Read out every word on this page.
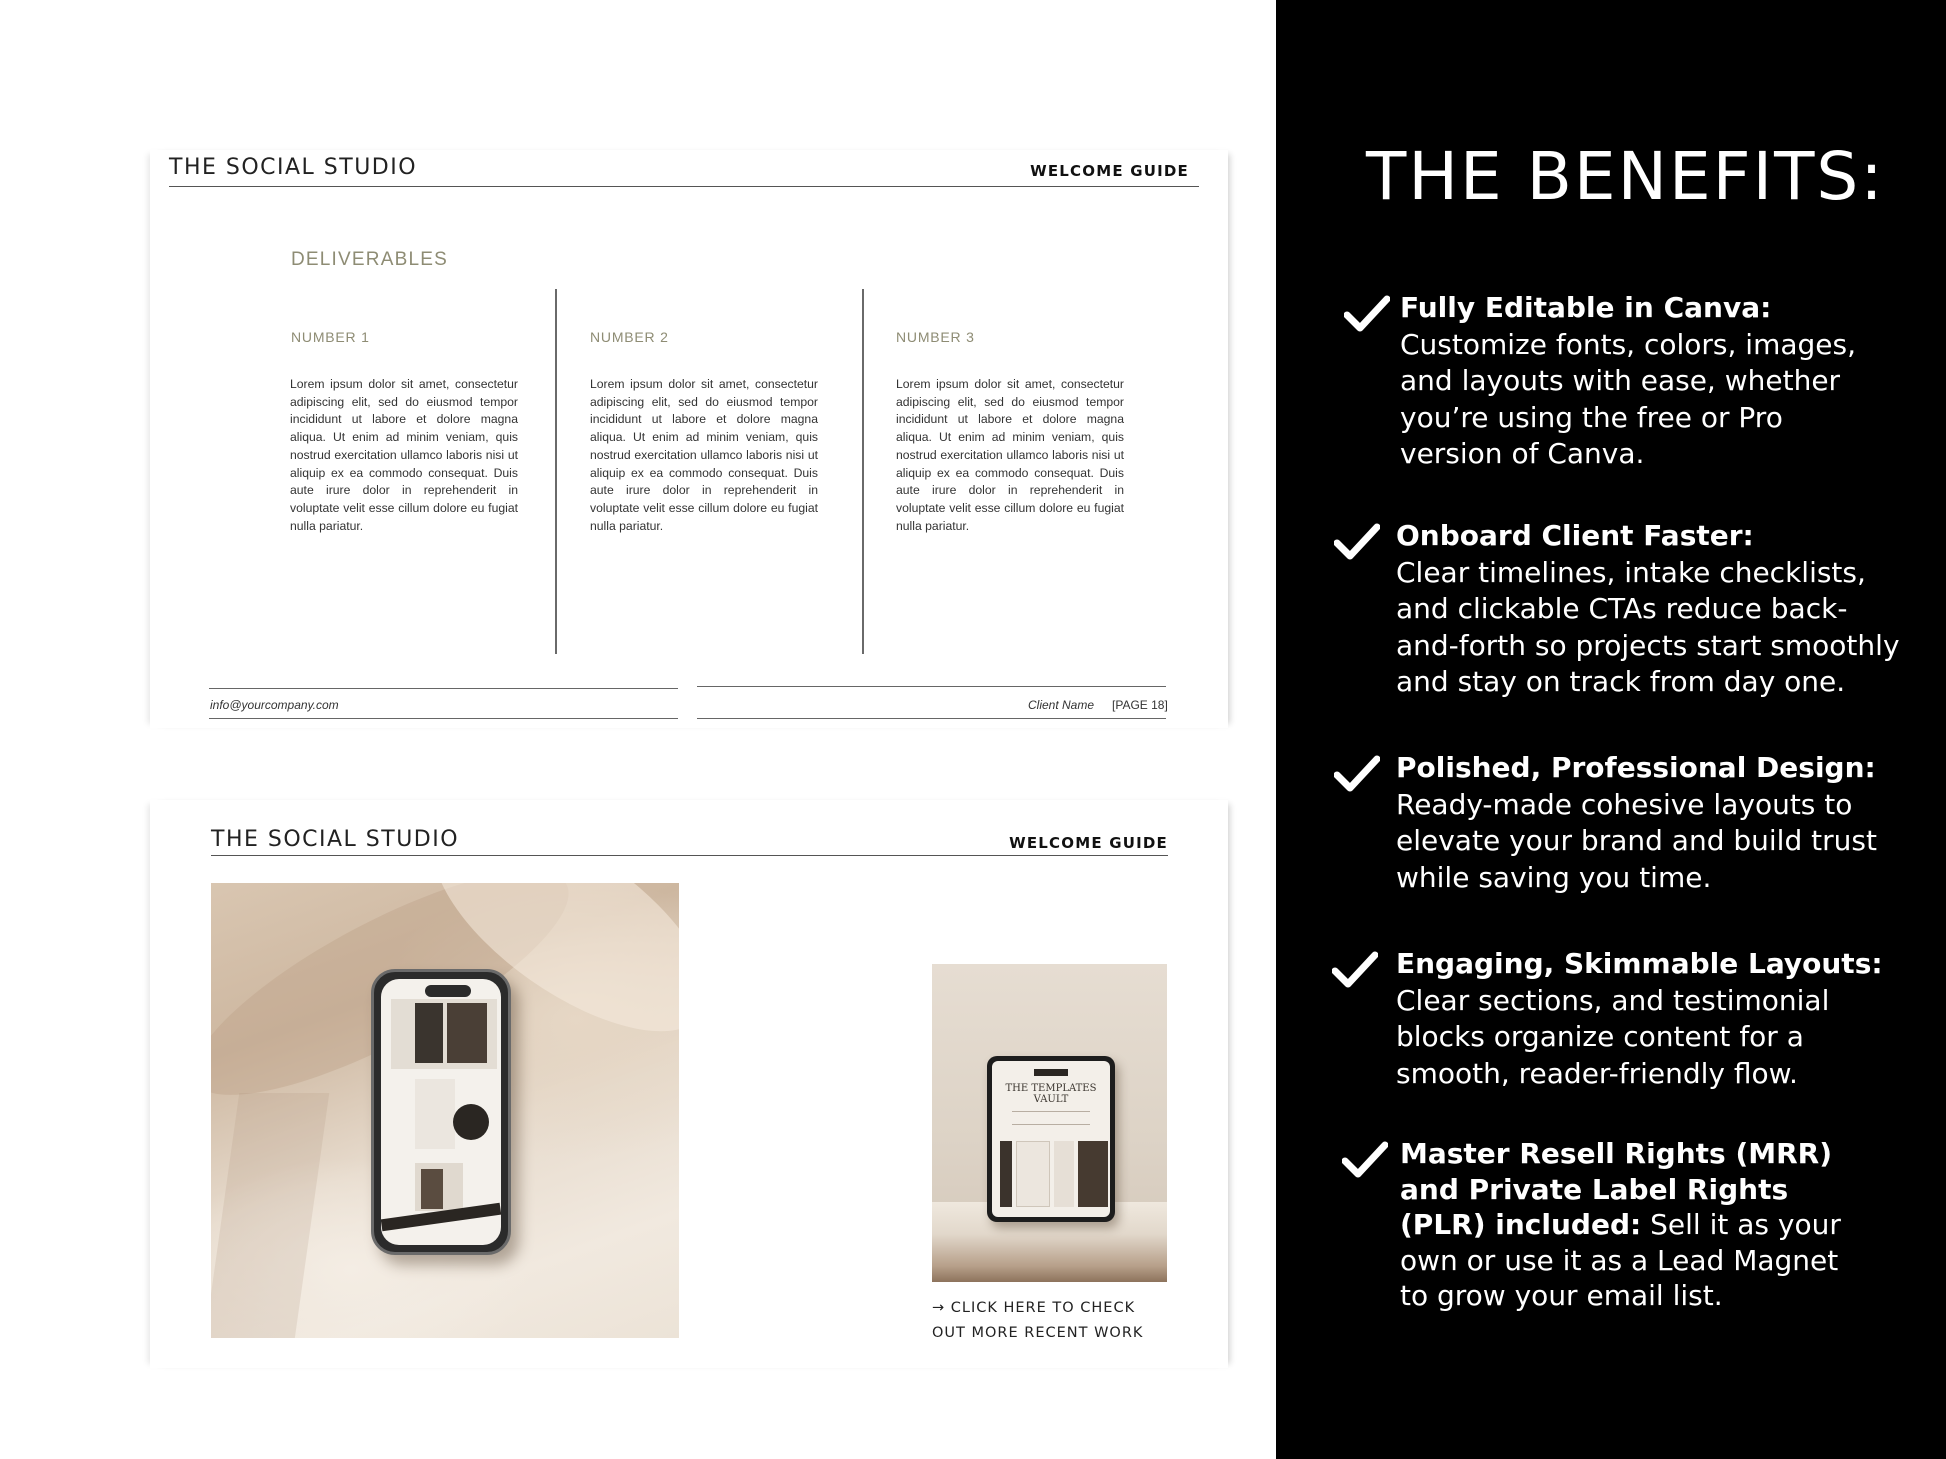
THE SOCIAL STUDIO	WELCOME GUIDE
DELIVERABLES
NUMBER 1
Lorem ipsum dolor sit amet, consectetur adipiscing elit, sed do eiusmod tempor incididunt ut labore et dolore magna aliqua. Ut enim ad minim veniam, quis nostrud exercitation ullamco laboris nisi ut aliquip ex ea commodo consequat. Duis aute irure dolor in reprehenderit in voluptate velit esse cillum dolore eu fugiat nulla pariatur.
NUMBER 2
Lorem ipsum dolor sit amet, consectetur adipiscing elit, sed do eiusmod tempor incididunt ut labore et dolore magna aliqua. Ut enim ad minim veniam, quis nostrud exercitation ullamco laboris nisi ut aliquip ex ea commodo consequat. Duis aute irure dolor in reprehenderit in voluptate velit esse cillum dolore eu fugiat nulla pariatur.
NUMBER 3
Lorem ipsum dolor sit amet, consectetur adipiscing elit, sed do eiusmod tempor incididunt ut labore et dolore magna aliqua. Ut enim ad minim veniam, quis nostrud exercitation ullamco laboris nisi ut aliquip ex ea commodo consequat. Duis aute irure dolor in reprehenderit in voluptate velit esse cillum dolore eu fugiat nulla pariatur.
info@yourcompany.com	Client Name [PAGE 18]
THE SOCIAL STUDIO	WELCOME GUIDE
THE TEMPLATES VAULT
→ CLICK HERE TO CHECK
OUT MORE RECENT WORK
THE BENEFITS:
Fully Editable in Canva:
Customize fonts, colors, images,
and layouts with ease, whether
you’re using the free or Pro
version of Canva.
Onboard Client Faster:
Clear timelines, intake checklists,
and clickable CTAs reduce back-
and-forth so projects start smoothly
and stay on track from day one.
Polished, Professional Design:
Ready-made cohesive layouts to
elevate your brand and build trust
while saving you time.
Engaging, Skimmable Layouts:
Clear sections, and testimonial
blocks organize content for a
smooth, reader-friendly flow.
Master Resell Rights (MRR)
and Private Label Rights
(PLR) included: Sell it as your
own or use it as a Lead Magnet
to grow your email list.
